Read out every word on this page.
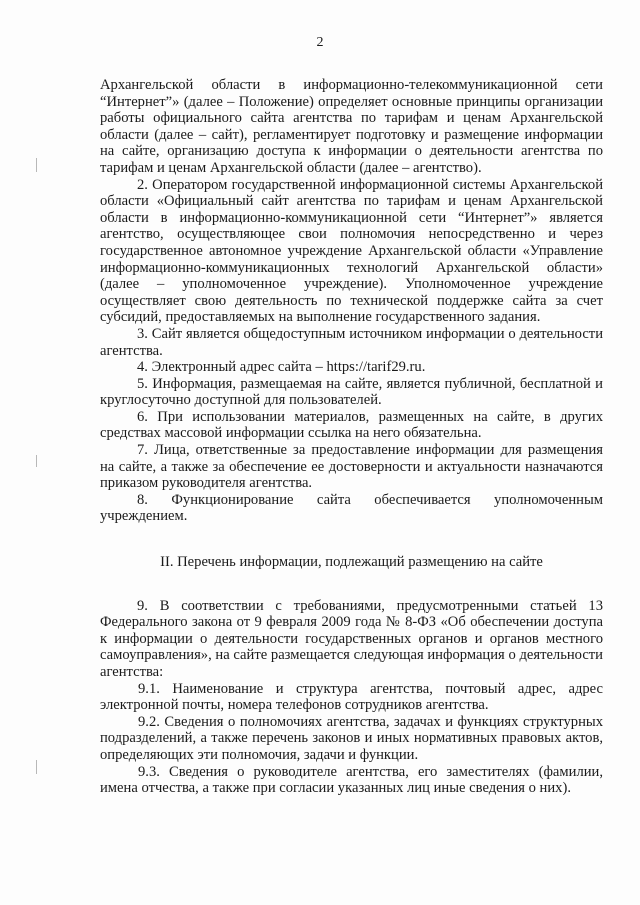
2

Архангельской области в информационно-телекоммуникационной сети “Интернет”» (далее – Положение) определяет основные принципы организации работы официального сайта агентства по тарифам и ценам Архангельской области (далее – сайт), регламентирует подготовку и размещение информации на сайте, организацию доступа к информации о деятельности агентства по тарифам и ценам Архангельской области (далее – агентство).

2. Оператором государственной информационной системы Архангельской области «Официальный сайт агентства по тарифам и ценам Архангельской области в информационно-коммуникационной сети “Интернет”» является агентство, осуществляющее свои полномочия непосредственно и через государственное автономное учреждение Архангельской области «Управление информационно-коммуникационных технологий Архангельской области» (далее – уполномоченное учреждение). Уполномоченное учреждение осуществляет свою деятельность по технической поддержке сайта за счет субсидий, предоставляемых на выполнение государственного задания.

3. Сайт является общедоступным источником информации о деятельности агентства.

4. Электронный адрес сайта – https://tarif29.ru.

5. Информация, размещаемая на сайте, является публичной, бесплатной и круглосуточно доступной для пользователей.

6. При использовании материалов, размещенных на сайте, в других средствах массовой информации ссылка на него обязательна.

7. Лица, ответственные за предоставление информации для размещения на сайте, а также за обеспечение ее достоверности и актуальности назначаются приказом руководителя агентства.

8. Функционирование сайта обеспечивается уполномоченным учреждением.

II. Перечень информации, подлежащий размещению на сайте

9. В соответствии с требованиями, предусмотренными статьей 13 Федерального закона от 9 февраля 2009 года № 8-ФЗ «Об обеспечении доступа к информации о деятельности государственных органов и органов местного самоуправления», на сайте размещается следующая информация о деятельности агентства:

9.1. Наименование и структура агентства, почтовый адрес, адрес электронной почты, номера телефонов сотрудников агентства.

9.2. Сведения о полномочиях агентства, задачах и функциях структурных подразделений, а также перечень законов и иных нормативных правовых актов, определяющих эти полномочия, задачи и функции.

9.3. Сведения о руководителе агентства, его заместителях (фамилии, имена отчества, а также при согласии указанных лиц иные сведения о них).
